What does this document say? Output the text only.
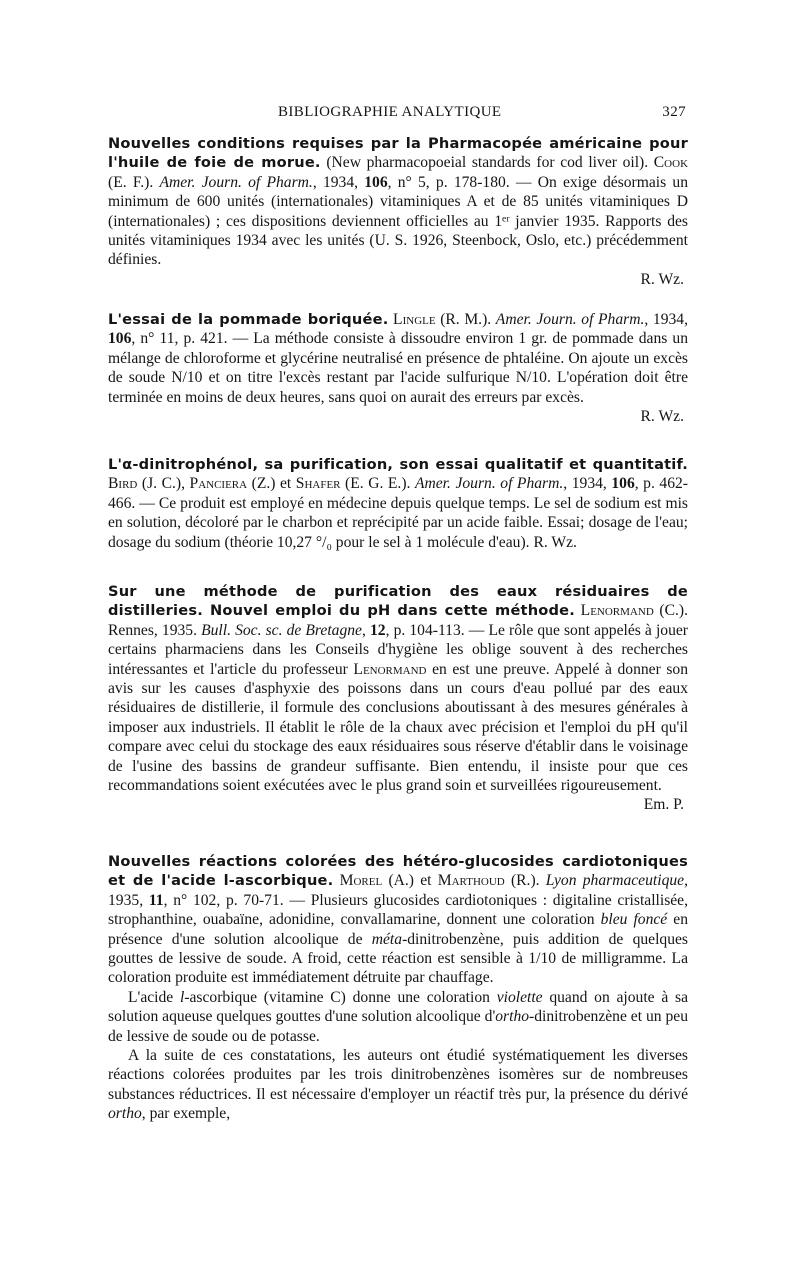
BIBLIOGRAPHIE ANALYTIQUE	327

Nouvelles conditions requises par la Pharmacopée américaine pour l'huile de foie de morue. (New pharmacopoeial standards for cod liver oil). Cook (E. F.). Amer. Journ. of Pharm., 1934, 106, n° 5, p. 178-180. — On exige désormais un minimum de 600 unités (internationales) vitaminiques A et de 85 unités vitaminiques D (internationales) ; ces dispositions deviennent officielles au 1ᵉʳ janvier 1935. Rapports des unités vitaminiques 1934 avec les unités (U. S. 1926, Steenbock, Oslo, etc.) précédemment définies.

R. Wz.

L'essai de la pommade boriquée. Lingle (R. M.). Amer. Journ. of Pharm., 1934, 106, n° 11, p. 421. — La méthode consiste à dissoudre environ 1 gr. de pommade dans un mélange de chloroforme et glycérine neutralisé en présence de phtaléine. On ajoute un excès de soude N/10 et on titre l'excès restant par l'acide sulfurique N/10. L'opération doit être terminée en moins de deux heures, sans quoi on aurait des erreurs par excès.

R. Wz.

L'α-dinitrophénol, sa purification, son essai qualitatif et quantitatif. Bird (J. C.), Panciera (Z.) et Shafer (E. G. E.). Amer. Journ. of Pharm., 1934, 106, p. 462-466. — Ce produit est employé en médecine depuis quelque temps. Le sel de sodium est mis en solution, décoloré par le charbon et reprécipité par un acide faible. Essai; dosage de l'eau; dosage du sodium (théorie 10,27 °/₀ pour le sel à 1 molécule d'eau). R. Wz.

Sur une méthode de purification des eaux résiduaires de distilleries. Nouvel emploi du pH dans cette méthode. Lenormand (C.). Rennes, 1935. Bull. Soc. sc. de Bretagne, 12, p. 104-113. — Le rôle que sont appelés à jouer certains pharmaciens dans les Conseils d'hygiène les oblige souvent à des recherches intéressantes et l'article du professeur Lenormand en est une preuve. Appelé à donner son avis sur les causes d'asphyxie des poissons dans un cours d'eau pollué par des eaux résiduaires de distillerie, il formule des conclusions aboutissant à des mesures générales à imposer aux industriels. Il établit le rôle de la chaux avec précision et l'emploi du pH qu'il compare avec celui du stockage des eaux résiduaires sous réserve d'établir dans le voisinage de l'usine des bassins de grandeur suffisante. Bien entendu, il insiste pour que ces recommandations soient exécutées avec le plus grand soin et surveillées rigoureusement.

Em. P.

Nouvelles réactions colorées des hétéro-glucosides cardiotoniques et de l'acide l-ascorbique. Morel (A.) et Marthoud (R.). Lyon pharmaceutique, 1935, 11, n° 102, p. 70-71. — Plusieurs glucosides cardiotoniques : digitaline cristallisée, strophanthine, ouabaïne, adonidine, convallamarine, donnent une coloration bleu foncé en présence d'une solution alcoolique de méta-dinitrobenzène, puis addition de quelques gouttes de lessive de soude. A froid, cette réaction est sensible à 1/10 de milligramme. La coloration produite est immédiatement détruite par chauffage.

L'acide l-ascorbique (vitamine C) donne une coloration violette quand on ajoute à sa solution aqueuse quelques gouttes d'une solution alcoolique d'ortho-dinitrobenzène et un peu de lessive de soude ou de potasse.

A la suite de ces constatations, les auteurs ont étudié systématiquement les diverses réactions colorées produites par les trois dinitrobenzènes isomères sur de nombreuses substances réductrices. Il est nécessaire d'employer un réactif très pur, la présence du dérivé ortho, par exemple,
